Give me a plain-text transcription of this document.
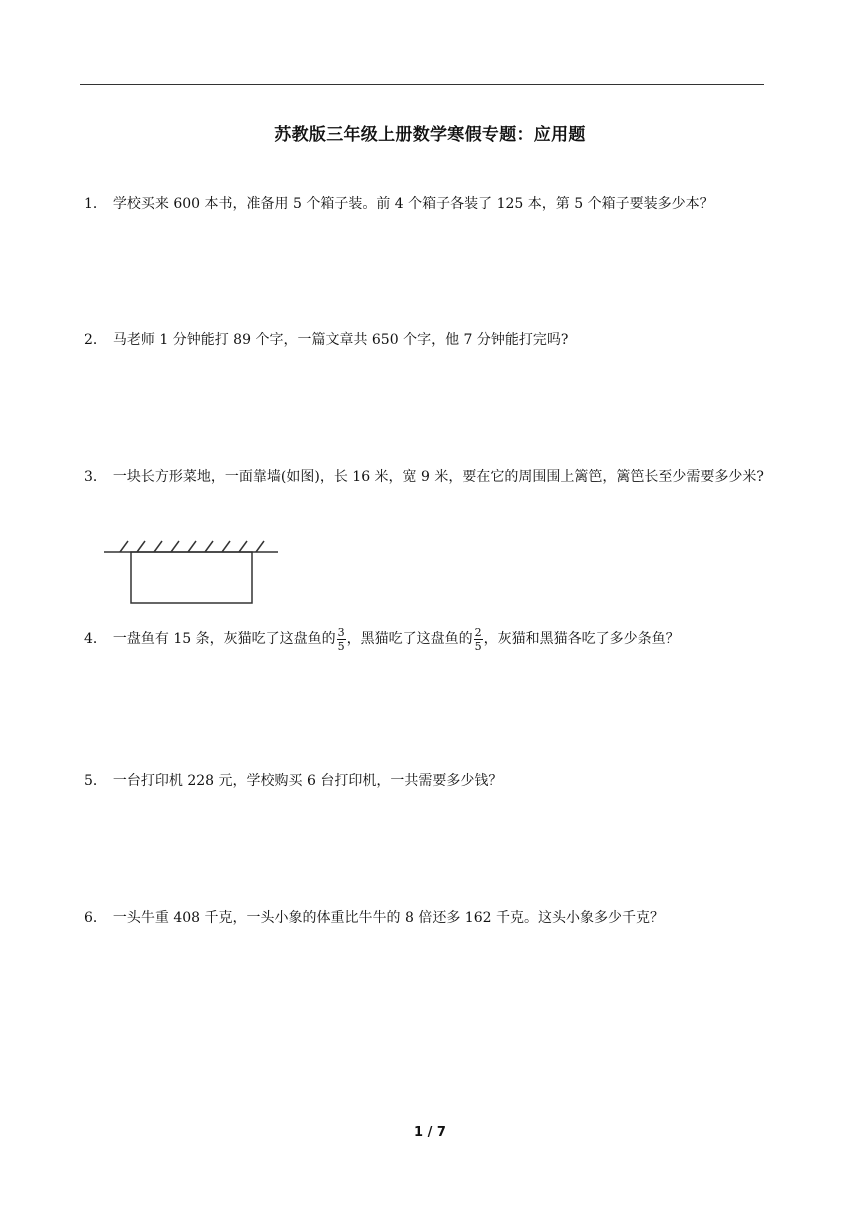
苏教版三年级上册数学寒假专题：应用题
1． 学校买来 600 本书，准备用 5 个箱子装。前 4 个箱子各装了 125 本，第 5 个箱子要装多少本？
2． 马老师 1 分钟能打 89 个字，一篇文章共 650 个字，他 7 分钟能打完吗?
3． 一块长方形菜地，一面靠墙(如图)，长 16 米，宽 9 米，要在它的周围围上篱笆，篱笆长至少需要多少米?
4． 一盘鱼有 15 条，灰猫吃了这盘鱼的 $\frac{3}{5}$ ，黑猫吃了这盘鱼的 $\frac{2}{5}$ ，灰猫和黑猫各吃了多少条鱼？
5． 一台打印机 228 元，学校购买 6 台打印机，一共需要多少钱？
6． 一头牛重 408 千克，一头小象的体重比牛牛的 8 倍还多 162 千克。这头小象多少千克？
1 / 7
